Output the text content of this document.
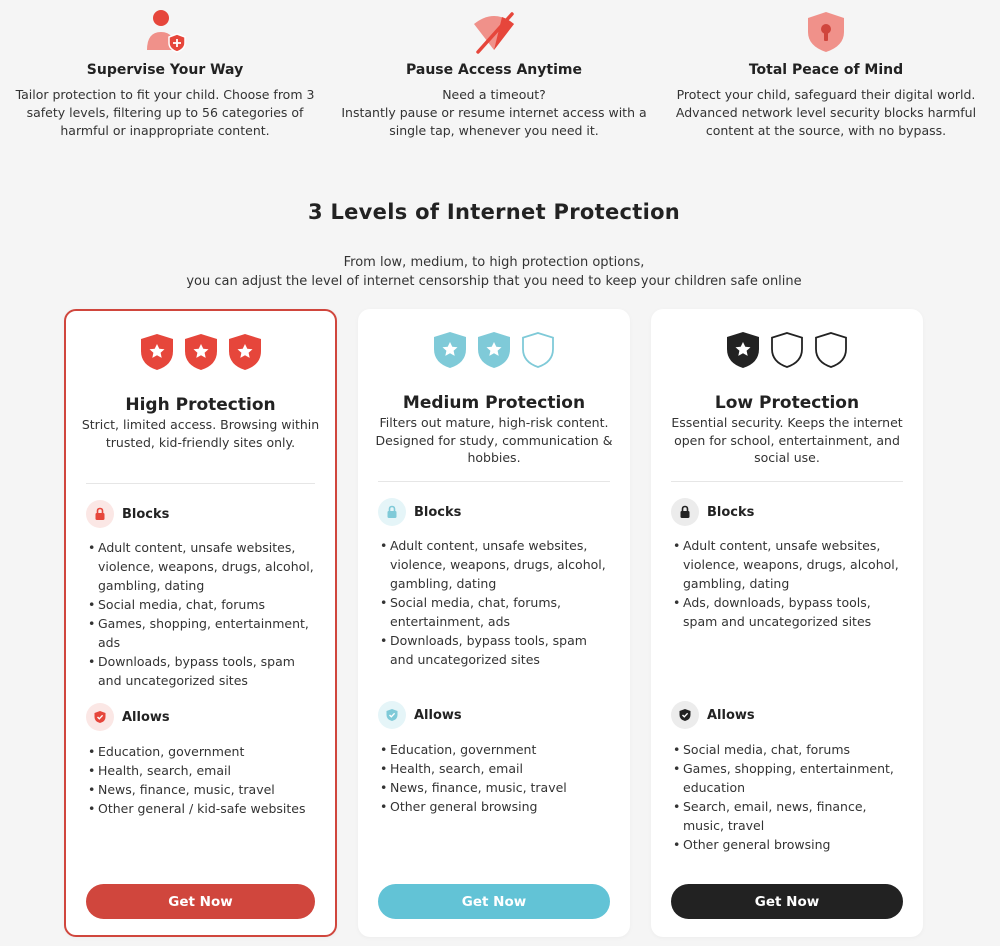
Supervise Your Way
Tailor protection to fit your child. Choose from 3
safety levels, filtering up to 56 categories of
harmful or inappropriate content.
Pause Access Anytime
Need a timeout?
Instantly pause or resume internet access with a
single tap, whenever you need it.
Total Peace of Mind
Protect your child, safeguard their digital world.
Advanced network level security blocks harmful
content at the source, with no bypass.
3 Levels of Internet Protection
From low, medium, to high protection options,
you can adjust the level of internet censorship that you need to keep your children safe online
High Protection
Strict, limited access. Browsing within
trusted, kid-friendly sites only.
Blocks
• Adult content, unsafe websites,
violence, weapons, drugs, alcohol,
gambling, dating
• Social media, chat, forums
• Games, shopping, entertainment,
ads
• Downloads, bypass tools, spam
and uncategorized sites
Allows
• Education, government
• Health, search, email
• News, finance, music, travel
• Other general / kid-safe websites
Get Now
Medium Protection
Filters out mature, high-risk content.
Designed for study, communication &
hobbies.
Blocks
• Adult content, unsafe websites,
violence, weapons, drugs, alcohol,
gambling, dating
• Social media, chat, forums,
entertainment, ads
• Downloads, bypass tools, spam
and uncategorized sites
Allows
• Education, government
• Health, search, email
• News, finance, music, travel
• Other general browsing
Get Now
Low Protection
Essential security. Keeps the internet
open for school, entertainment, and
social use.
Blocks
• Adult content, unsafe websites,
violence, weapons, drugs, alcohol,
gambling, dating
• Ads, downloads, bypass tools,
spam and uncategorized sites
Allows
• Social media, chat, forums
• Games, shopping, entertainment,
education
• Search, email, news, finance,
music, travel
• Other general browsing
Get Now
